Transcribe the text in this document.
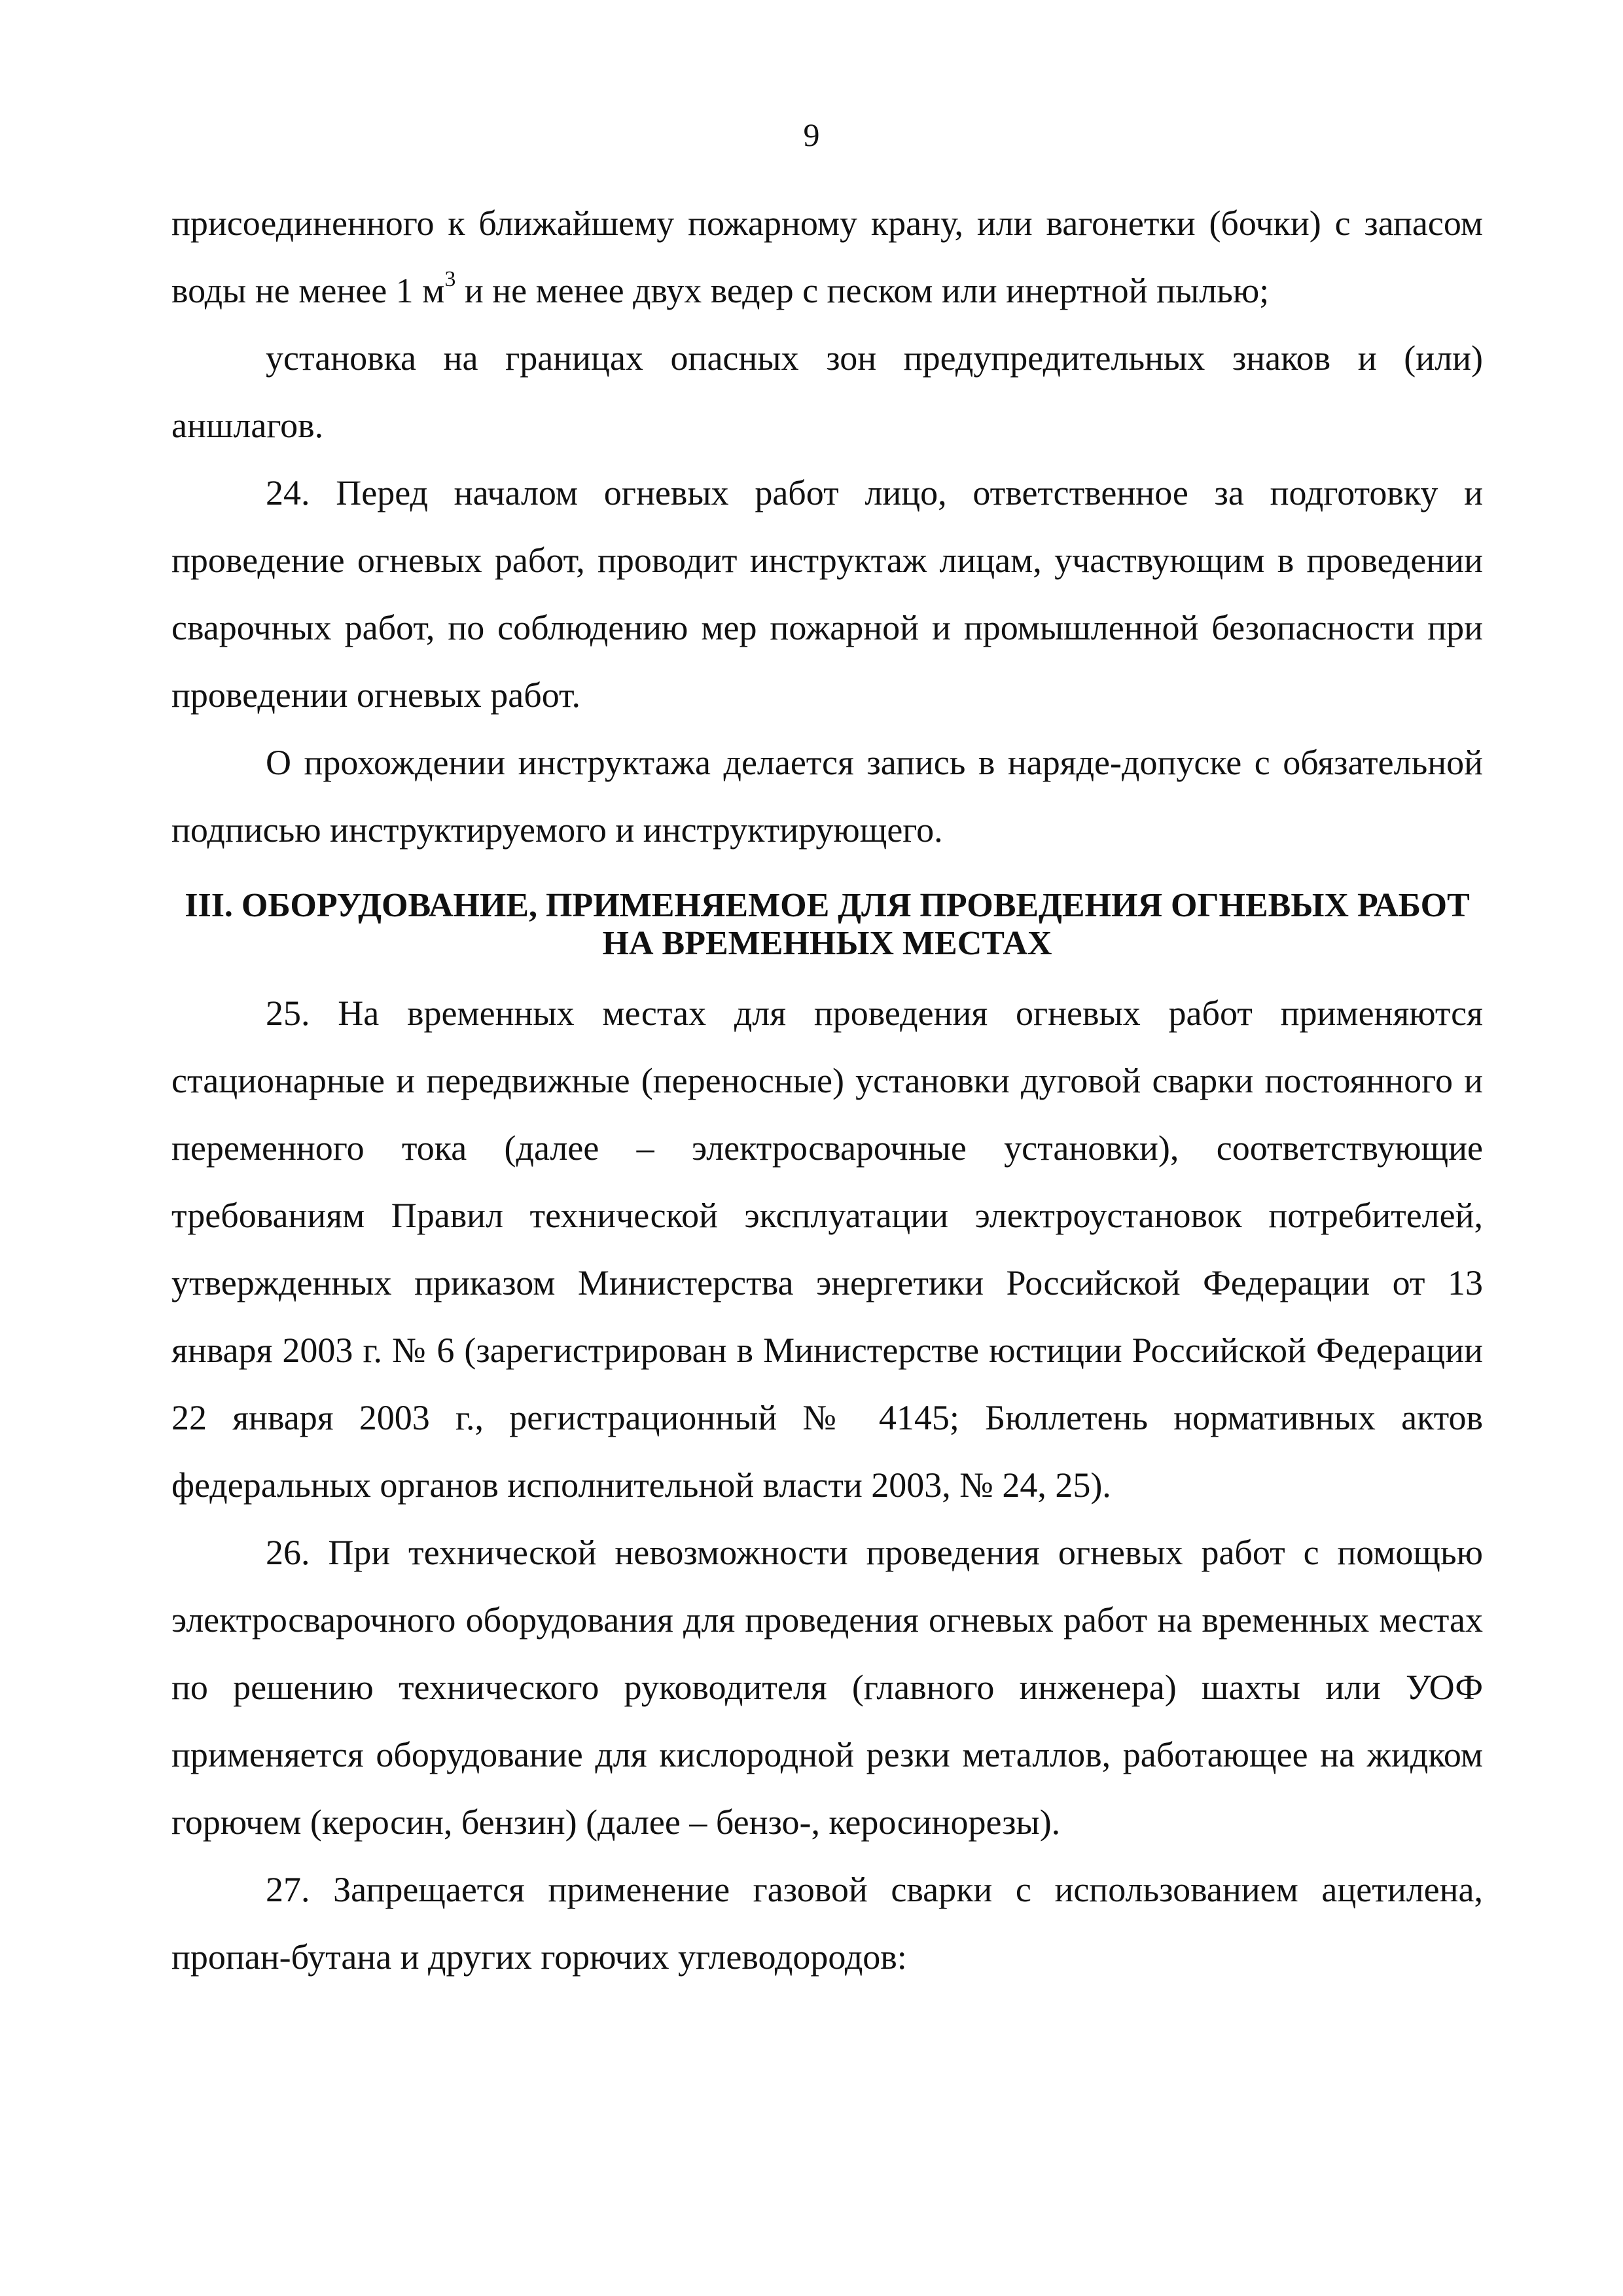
9

присоединенного к ближайшему пожарному крану, или вагонетки (бочки) с запасом воды не менее 1 $м^3$ и не менее двух ведер с песком или инертной пылью;

установка на границах опасных зон предупредительных знаков и (или) аншлагов.

24. Перед началом огневых работ лицо, ответственное за подготовку и проведение огневых работ, проводит инструктаж лицам, участвующим в проведении сварочных работ, по соблюдению мер пожарной и промышленной безопасности при проведении огневых работ.

О прохождении инструктажа делается запись в наряде-допуске с обязательной подписью инструктируемого и инструктирующего.

III. ОБОРУДОВАНИЕ, ПРИМЕНЯЕМОЕ ДЛЯ ПРОВЕДЕНИЯ ОГНЕВЫХ РАБОТ
НА ВРЕМЕННЫХ МЕСТАХ

25. На временных местах для проведения огневых работ применяются стационарные и передвижные (переносные) установки дуговой сварки постоянного и переменного тока (далее – электросварочные установки), соответствующие требованиям Правил технической эксплуатации электроустановок потребителей, утвержденных приказом Министерства энергетики Российской Федерации от 13 января 2003 г. № 6 (зарегистрирован в Министерстве юстиции Российской Федерации 22 января 2003 г., регистрационный № 4145; Бюллетень нормативных актов федеральных органов исполнительной власти 2003, № 24, 25).

26. При технической невозможности проведения огневых работ с помощью электросварочного оборудования для проведения огневых работ на временных местах по решению технического руководителя (главного инженера) шахты или УОФ применяется оборудование для кислородной резки металлов, работающее на жидком горючем (керосин, бензин) (далее – бензо-, керосинорезы).

27. Запрещается применение газовой сварки с использованием ацетилена, пропан-бутана и других горючих углеводородов:
